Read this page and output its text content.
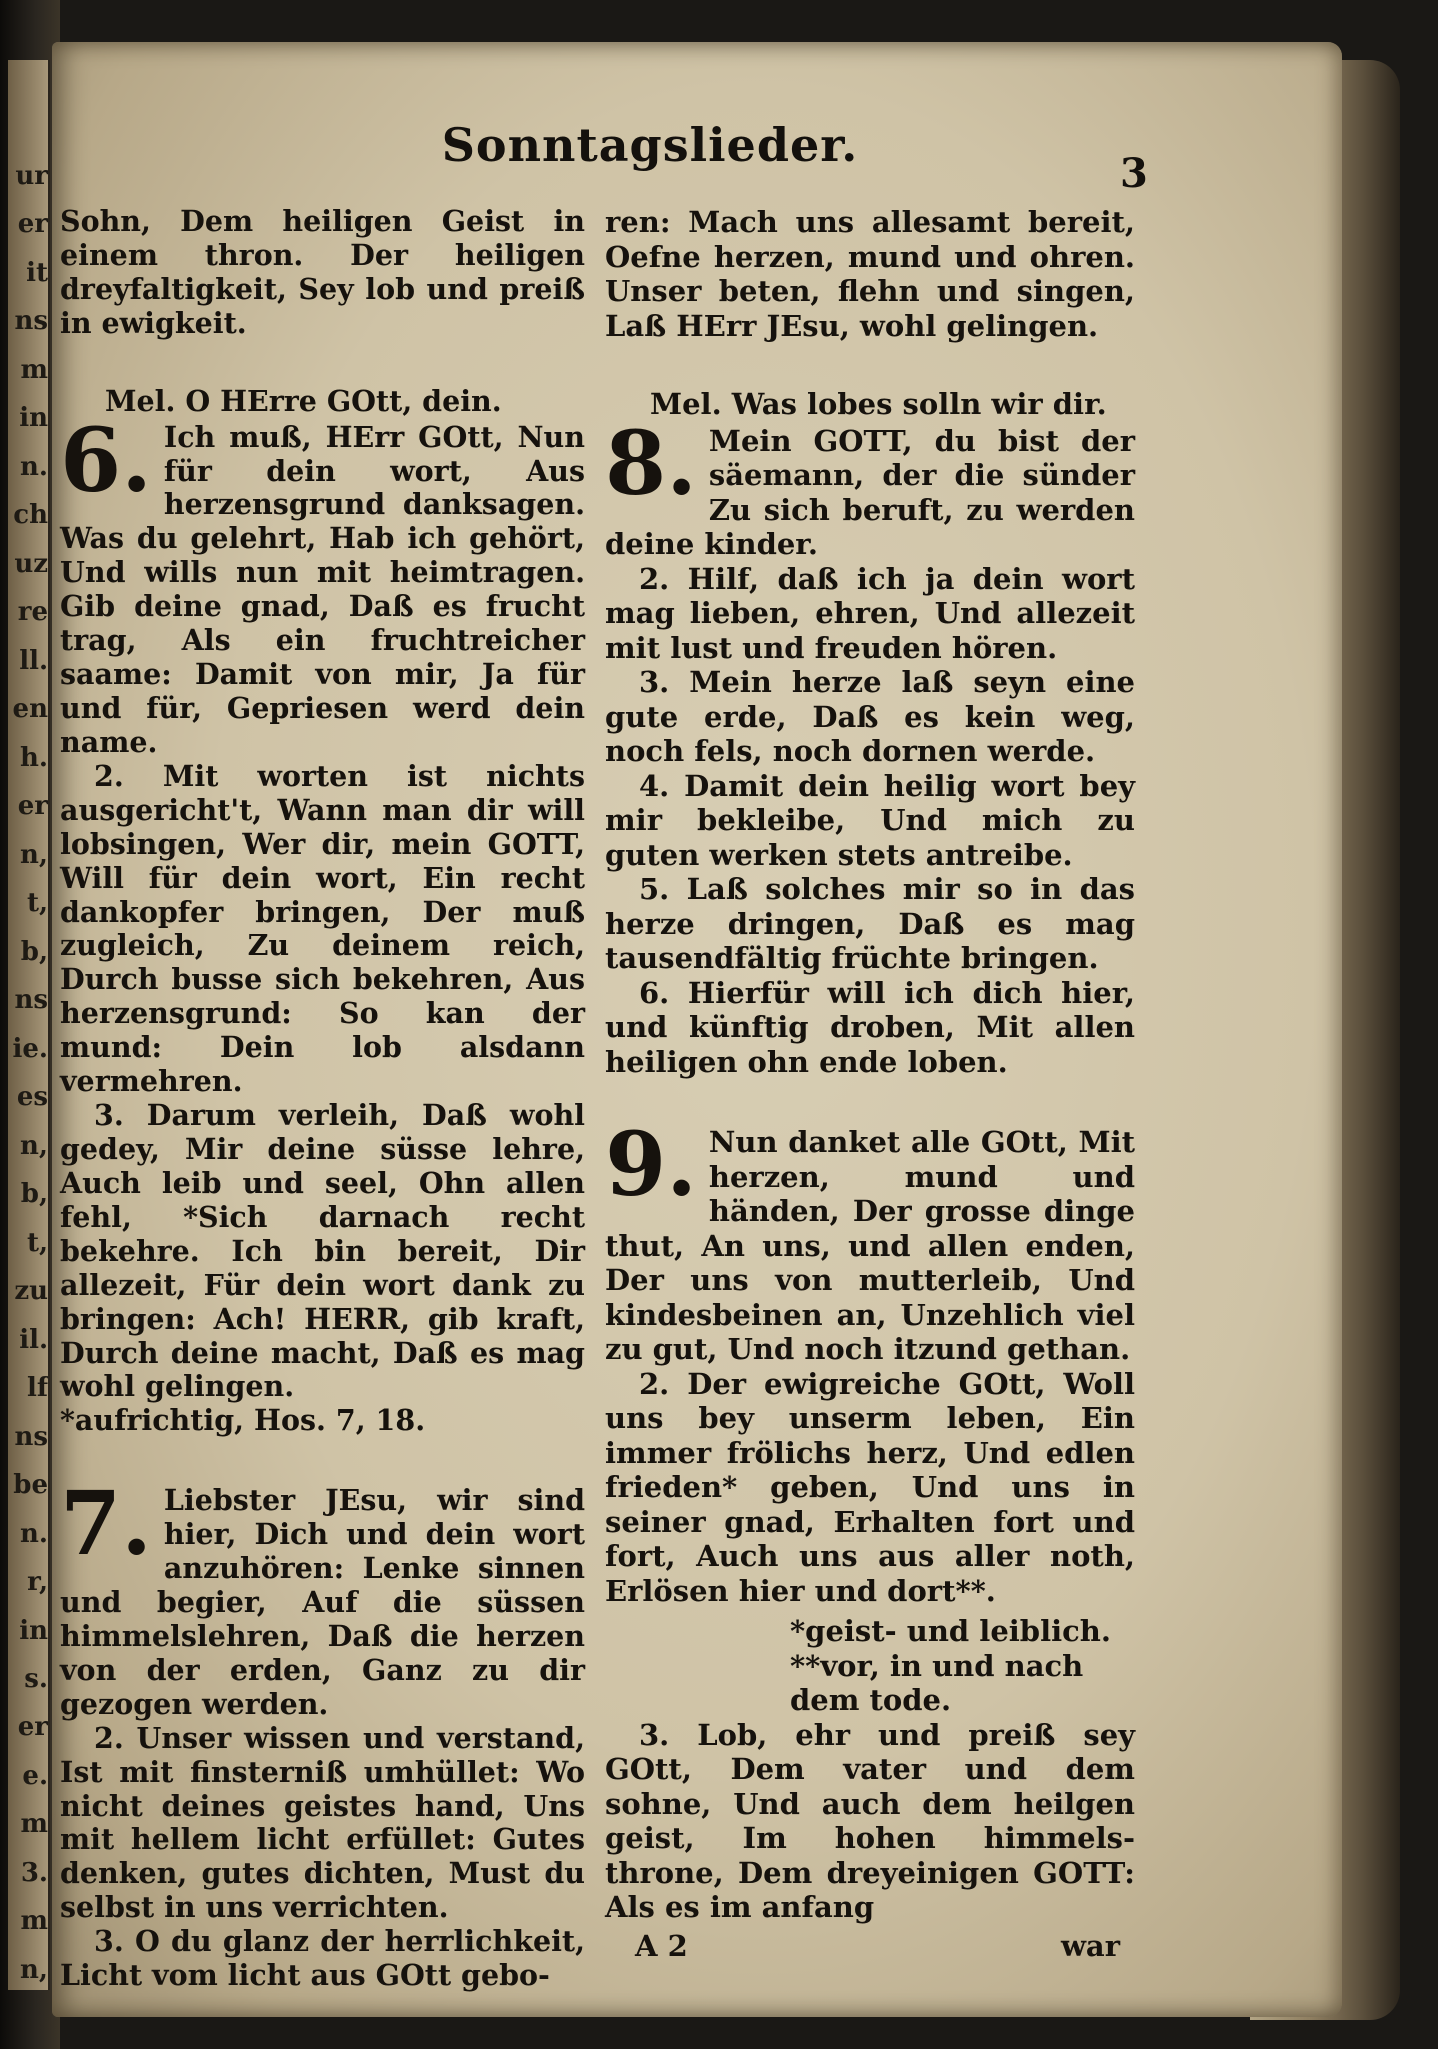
ur
er
it
ns
m
in
n.
ch
uz
re
ll.
en
h.
er
n,
t,
b,
ns
ie.
es
n,
b,
t,
zu
il.
lf
ns
be
n.
r,
in
s.
er
e.
m
3.
m
n,
Sonntagslieder.
3

Sohn, Dem heiligen Geist in einem thron. Der heiligen dreyfaltigkeit, Sey lob und preiß in ewigkeit.

Mel. O HErre GOtt, dein.

6. Ich muß, HErr GOtt, Nun für dein wort, Aus herzensgrund danksagen. Was du gelehrt, Hab ich gehört, Und wills nun mit heimtragen. Gib deine gnad, Daß es frucht trag, Als ein fruchtreicher saame: Damit von mir, Ja für und für, Gepriesen werd dein name.

2. Mit worten ist nichts ausgericht't, Wann man dir will lobsingen, Wer dir, mein GOTT, Will für dein wort, Ein recht dankopfer bringen, Der muß zugleich, Zu deinem reich, Durch busse sich bekehren, Aus herzensgrund: So kan der mund: Dein lob alsdann vermehren.

3. Darum verleih, Daß wohl gedey, Mir deine süsse lehre, Auch leib und seel, Ohn allen fehl, *Sich darnach recht bekehre. Ich bin bereit, Dir allezeit, Für dein wort dank zu bringen: Ach! HERR, gib kraft, Durch deine macht, Daß es mag wohl gelingen.

*aufrichtig, Hos. 7, 18.

7. Liebster JEsu, wir sind hier, Dich und dein wort anzuhören: Lenke sinnen und begier, Auf die süssen himmelslehren, Daß die herzen von der erden, Ganz zu dir gezogen werden.

2. Unser wissen und verstand, Ist mit finsterniß umhüllet: Wo nicht deines geistes hand, Uns mit hellem licht erfüllet: Gutes denken, gutes dichten, Must du selbst in uns verrichten.

3. O du glanz der herrlichkeit, Licht vom licht aus GOtt gebo-

ren: Mach uns allesamt bereit, Oefne herzen, mund und ohren. Unser beten, flehn und singen, Laß HErr JEsu, wohl gelingen.

Mel. Was lobes solln wir dir.

8. Mein GOTT, du bist der säemann, der die sünder Zu sich beruft, zu werden deine kinder.

2. Hilf, daß ich ja dein wort mag lieben, ehren, Und allezeit mit lust und freuden hören.

3. Mein herze laß seyn eine gute erde, Daß es kein weg, noch fels, noch dornen werde.

4. Damit dein heilig wort bey mir bekleibe, Und mich zu guten werken stets antreibe.

5. Laß solches mir so in das herze dringen, Daß es mag tausendfältig früchte bringen.

6. Hierfür will ich dich hier, und künftig droben, Mit allen heiligen ohn ende loben.

9. Nun danket alle GOtt, Mit herzen, mund und händen, Der grosse dinge thut, An uns, und allen enden, Der uns von mutterleib, Und kindesbeinen an, Unzehlich viel zu gut, Und noch itzund gethan.

2. Der ewigreiche GOtt, Woll uns bey unserm leben, Ein immer frölichs herz, Und edlen frieden* geben, Und uns in seiner gnad, Erhalten fort und fort, Auch uns aus aller noth, Erlösen hier und dort**.

*geist- und leiblich.

**vor, in und nach dem tode.

3. Lob, ehr und preiß sey GOtt, Dem vater und dem sohne, Und auch dem heilgen geist, Im hohen himmels-throne, Dem dreyeinigen GOTT: Als es im anfang

A 2	war
